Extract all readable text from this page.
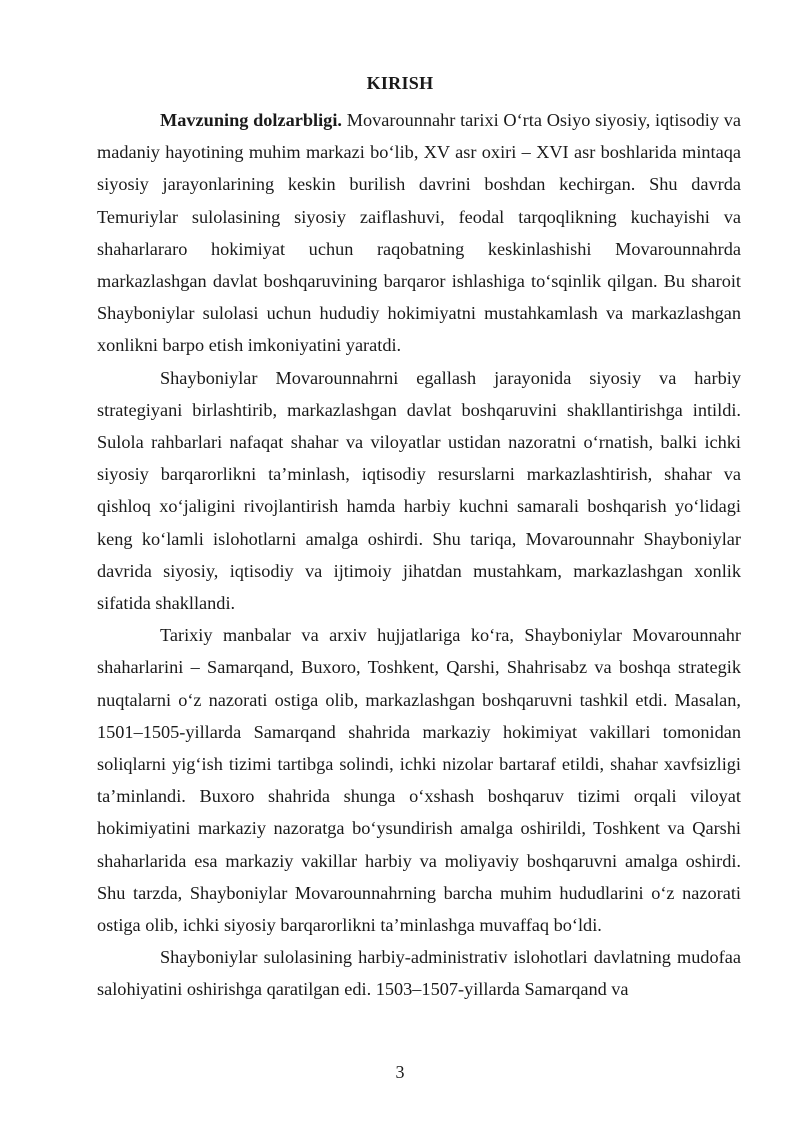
KIRISH

Mavzuning dolzarbligi. Movarounnahr tarixi O‘rta Osiyo siyosiy, iqtisodiy va madaniy hayotining muhim markazi bo‘lib, XV asr oxiri – XVI asr boshlarida mintaqa siyosiy jarayonlarining keskin burilish davrini boshdan kechirgan. Shu davrda Temuriylar sulolasining siyosiy zaiflashuvi, feodal tarqoqlikning kuchayishi va shaharlararo hokimiyat uchun raqobatning keskinlashishi Movarounnahrda markazlashgan davlat boshqaruvining barqaror ishlashiga to‘sqinlik qilgan. Bu sharoit Shayboniylar sulolasi uchun hududiy hokimiyatni mustahkamlash va markazlashgan xonlikni barpo etish imkoniyatini yaratdi.

Shayboniylar Movarounnahrni egallash jarayonida siyosiy va harbiy strategiyani birlashtirib, markazlashgan davlat boshqaruvini shakllantirishga intildi. Sulola rahbarlari nafaqat shahar va viloyatlar ustidan nazoratni o‘rnatish, balki ichki siyosiy barqarorlikni ta’minlash, iqtisodiy resurslarni markazlashtirish, shahar va qishloq xo‘jaligini rivojlantirish hamda harbiy kuchni samarali boshqarish yo‘lidagi keng ko‘lamli islohotlarni amalga oshirdi. Shu tariqa, Movarounnahr Shayboniylar davrida siyosiy, iqtisodiy va ijtimoiy jihatdan mustahkam, markazlashgan xonlik sifatida shakllandi.

Tarixiy manbalar va arxiv hujjatlariga ko‘ra, Shayboniylar Movarounnahr shaharlarini – Samarqand, Buxoro, Toshkent, Qarshi, Shahrisabz va boshqa strategik nuqtalarni o‘z nazorati ostiga olib, markazlashgan boshqaruvni tashkil etdi. Masalan, 1501–1505-yillarda Samarqand shahrida markaziy hokimiyat vakillari tomonidan soliqlarni yig‘ish tizimi tartibga solindi, ichki nizolar bartaraf etildi, shahar xavfsizligi ta’minlandi. Buxoro shahrida shunga o‘xshash boshqaruv tizimi orqali viloyat hokimiyatini markaziy nazoratga bo‘ysundirish amalga oshirildi, Toshkent va Qarshi shaharlarida esa markaziy vakillar harbiy va moliyaviy boshqaruvni amalga oshirdi. Shu tarzda, Shayboniylar Movarounnahrning barcha muhim hududlarini o‘z nazorati ostiga olib, ichki siyosiy barqarorlikni ta’minlashga muvaffaq bo‘ldi.

Shayboniylar sulolasining harbiy-administrativ islohotlari davlatning mudofaa salohiyatini oshirishga qaratilgan edi. 1503–1507-yillarda Samarqand va

3
